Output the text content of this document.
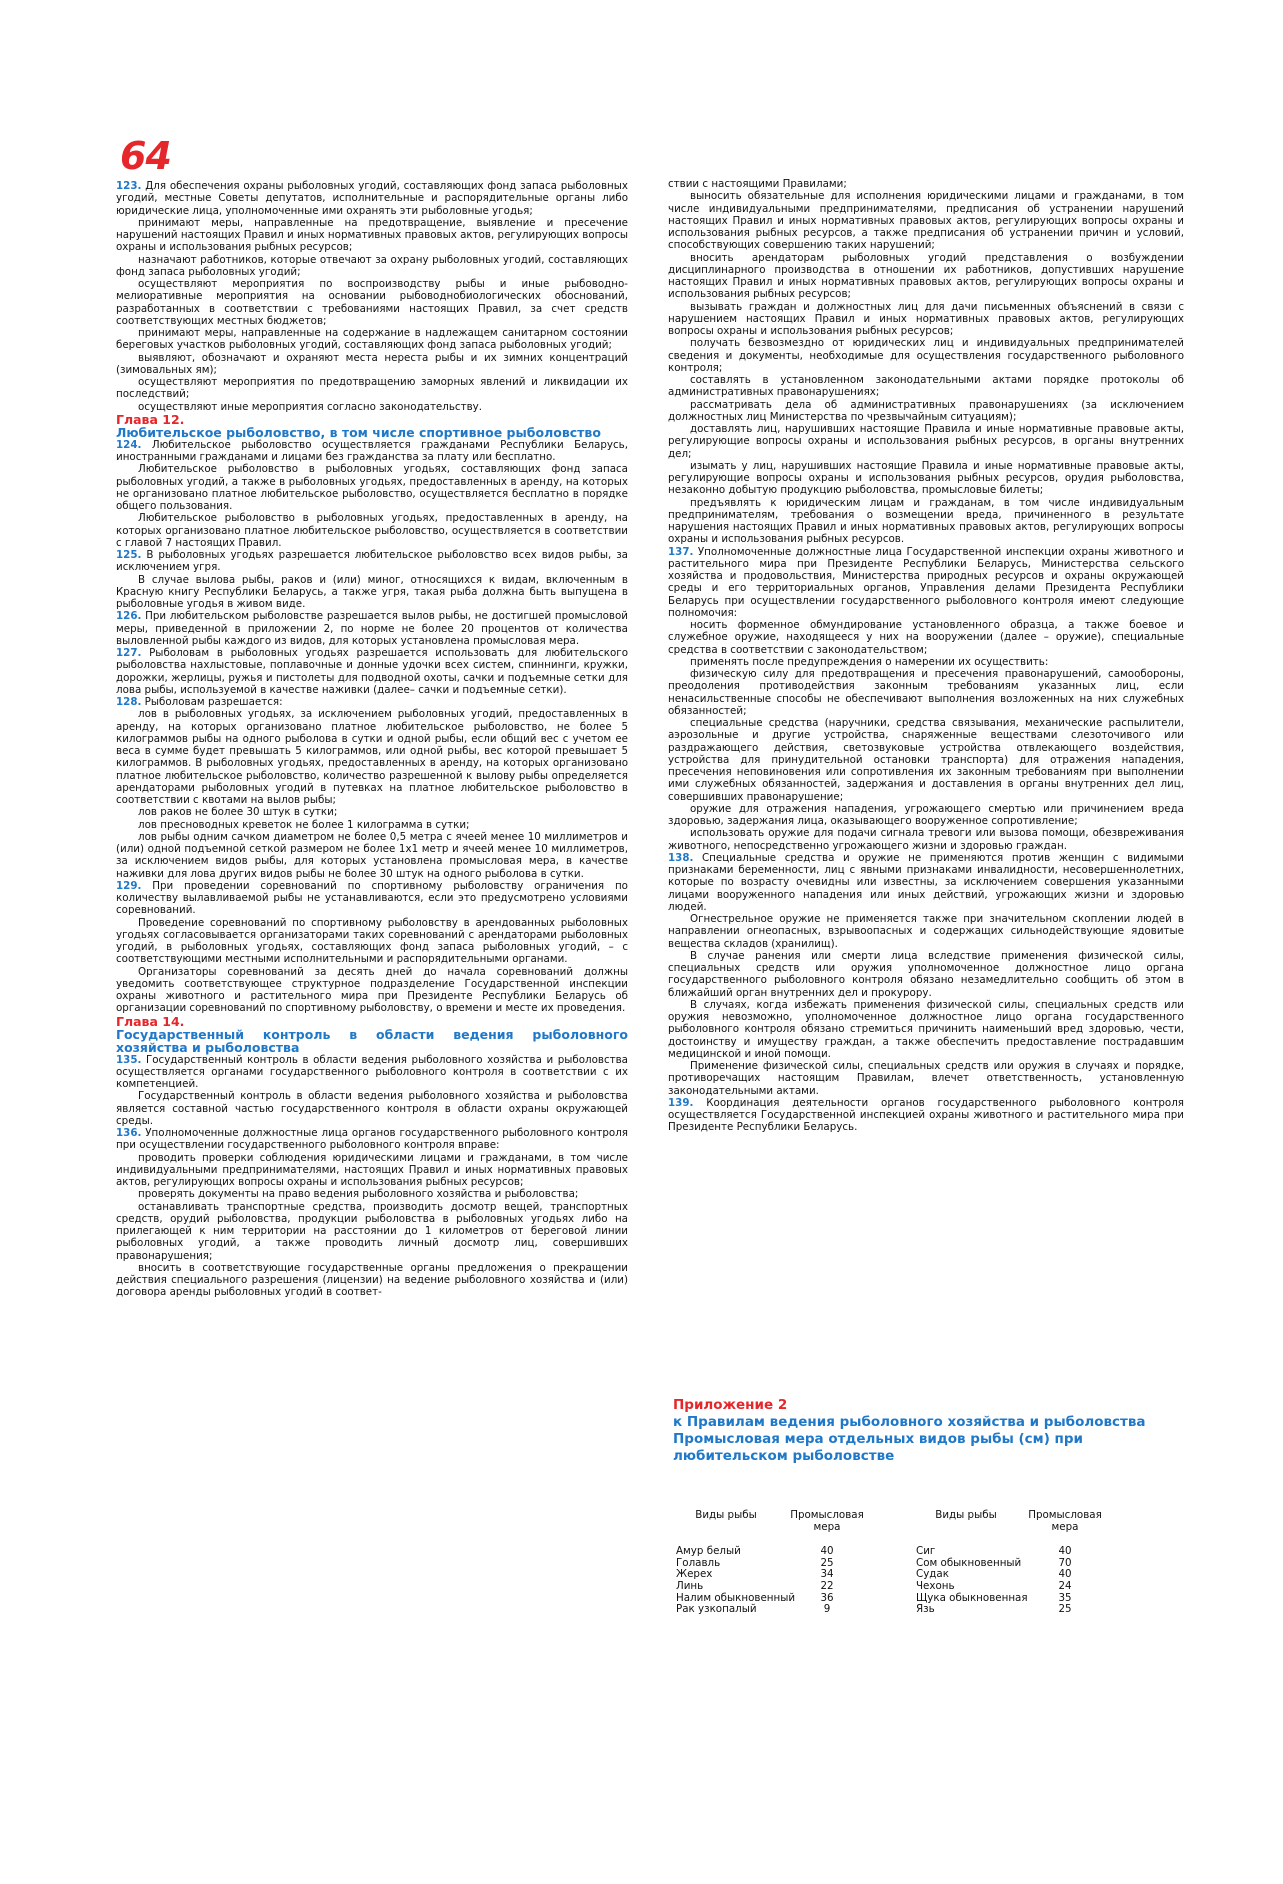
64

123. Для обеспечения охраны рыболовных угодий, составляющих фонд запаса рыболовных угодий, местные Советы депутатов, исполнительные и распорядительные органы либо юридические лица, уполномоченные ими охранять эти рыболовные угодья;

принимают меры, направленные на предотвращение, выявление и пресечение нарушений настоящих Правил и иных нормативных правовых актов, регулирующих вопросы охраны и использования рыбных ресурсов;

назначают работников, которые отвечают за охрану рыболовных угодий, составляющих фонд запаса рыболовных угодий;

осуществляют мероприятия по воспроизводству рыбы и иные рыбоводно-мелиоративные мероприятия на основании рыбоводнобиологических обоснований, разработанных в соответствии с требованиями настоящих Правил, за счет средств соответствующих местных бюджетов;

принимают меры, направленные на содержание в надлежащем санитарном состоянии береговых участков рыболовных угодий, составляющих фонд запаса рыболовных угодий;

выявляют, обозначают и охраняют места нереста рыбы и их зимних концентраций (зимовальных ям);

осуществляют мероприятия по предотвращению заморных явлений и ликвидации их последствий;

осуществляют иные мероприятия согласно законодательству.

Глава 12.
Любительское рыболовство, в том числе спортивное рыболовство

124. Любительское рыболовство осуществляется гражданами Республики Беларусь, иностранными гражданами и лицами без гражданства за плату или бесплатно.

Любительское рыболовство в рыболовных угодьях, составляющих фонд запаса рыболовных угодий, а также в рыболовных угодьях, предоставленных в аренду, на которых не организовано платное любительское рыболовство, осуществляется бесплатно в порядке общего пользования.

Любительское рыболовство в рыболовных угодьях, предоставленных в аренду, на которых организовано платное любительское рыболовство, осуществляется в соответствии с главой 7 настоящих Правил.

125. В рыболовных угодьях разрешается любительское рыболовство всех видов рыбы, за исключением угря.

В случае вылова рыбы, раков и (или) миног, относящихся к видам, включенным в Красную книгу Республики Беларусь, а также угря, такая рыба должна быть выпущена в рыболовные угодья в живом виде.

126. При любительском рыболовстве разрешается вылов рыбы, не достигшей промысловой меры, приведенной в приложении 2, по норме не более 20 процентов от количества выловленной рыбы каждого из видов, для которых установлена промысловая мера.

127. Рыболовам в рыболовных угодьях разрешается использовать для любительского рыболовства нахлыстовые, поплавочные и донные удочки всех систем, спиннинги, кружки, дорожки, жерлицы, ружья и пистолеты для подводной охоты, сачки и подъемные сетки для лова рыбы, используемой в качестве наживки (далее– сачки и подъемные сетки).

128. Рыболовам разрешается:

лов в рыболовных угодьях, за исключением рыболовных угодий, предоставленных в аренду, на которых организовано платное любительское рыболовство, не более 5 килограммов рыбы на одного рыболова в сутки и одной рыбы, если общий вес с учетом ее веса в сумме будет превышать 5 килограммов, или одной рыбы, вес которой превышает 5 килограммов. В рыболовных угодьях, предоставленных в аренду, на которых организовано платное любительское рыболовство, количество разрешенной к вылову рыбы определяется арендаторами рыболовных угодий в путевках на платное любительское рыболовство в соответствии с квотами на вылов рыбы;

лов раков не более 30 штук в сутки;

лов пресноводных креветок не более 1 килограмма в сутки;

лов рыбы одним сачком диаметром не более 0,5 метра с ячеей менее 10 миллиметров и (или) одной подъемной сеткой размером не более 1х1 метр и ячеей менее 10 миллиметров, за исключением видов рыбы, для которых установлена промысловая мера, в качестве наживки для лова других видов рыбы не более 30 штук на одного рыболова в сутки.

129. При проведении соревнований по спортивному рыболовству ограничения по количеству вылавливаемой рыбы не устанавливаются, если это предусмотрено условиями соревнований.

Проведение соревнований по спортивному рыболовству в арендованных рыболовных угодьях согласовывается организаторами таких соревнований с арендаторами рыболовных угодий, в рыболовных угодьях, составляющих фонд запаса рыболовных угодий, – с соответствующими местными исполнительными и распорядительными органами.

Организаторы соревнований за десять дней до начала соревнований должны уведомить соответствующее структурное подразделение Государственной инспекции охраны животного и растительного мира при Президенте Республики Беларусь об организации соревнований по спортивному рыболовству, о времени и месте их проведения.

Глава 14.
Государственный контроль в области ведения рыболовного хозяйства и рыболовства

135. Государственный контроль в области ведения рыболовного хозяйства и рыболовства осуществляется органами государственного рыболовного контроля в соответствии с их компетенцией.

Государственный контроль в области ведения рыболовного хозяйства и рыболовства является составной частью государственного контроля в области охраны окружающей среды.

136. Уполномоченные должностные лица органов государственного рыболовного контроля при осуществлении государственного рыболовного контроля вправе:

проводить проверки соблюдения юридическими лицами и гражданами, в том числе индивидуальными предпринимателями, настоящих Правил и иных нормативных правовых актов, регулирующих вопросы охраны и использования рыбных ресурсов;

проверять документы на право ведения рыболовного хозяйства и рыболовства;

останавливать транспортные средства, производить досмотр вещей, транспортных средств, орудий рыболовства, продукции рыболовства в рыболовных угодьях либо на прилегающей к ним территории на расстоянии до 1 километров от береговой линии рыболовных угодий, а также проводить личный досмотр лиц, совершивших правонарушения;

вносить в соответствующие государственные органы предложения о прекращении действия специального разрешения (лицензии) на ведение рыболовного хозяйства и (или) договора аренды рыболовных угодий в соответ-

ствии с настоящими Правилами;

выносить обязательные для исполнения юридическими лицами и гражданами, в том числе индивидуальными предпринимателями, предписания об устранении нарушений настоящих Правил и иных нормативных правовых актов, регулирующих вопросы охраны и использования рыбных ресурсов, а также предписания об устранении причин и условий, способствующих совершению таких нарушений;

вносить арендаторам рыболовных угодий представления о возбуждении дисциплинарного производства в отношении их работников, допустивших нарушение настоящих Правил и иных нормативных правовых актов, регулирующих вопросы охраны и использования рыбных ресурсов;

вызывать граждан и должностных лиц для дачи письменных объяснений в связи с нарушением настоящих Правил и иных нормативных правовых актов, регулирующих вопросы охраны и использования рыбных ресурсов;

получать безвозмездно от юридических лиц и индивидуальных предпринимателей сведения и документы, необходимые для осуществления государственного рыболовного контроля;

составлять в установленном законодательными актами порядке протоколы об административных правонарушениях;

рассматривать дела об административных правонарушениях (за исключением должностных лиц Министерства по чрезвычайным ситуациям);

доставлять лиц, нарушивших настоящие Правила и иные нормативные правовые акты, регулирующие вопросы охраны и использования рыбных ресурсов, в органы внутренних дел;

изымать у лиц, нарушивших настоящие Правила и иные нормативные правовые акты, регулирующие вопросы охраны и использования рыбных ресурсов, орудия рыболовства, незаконно добытую продукцию рыболовства, промысловые билеты;

предъявлять к юридическим лицам и гражданам, в том числе индивидуальным предпринимателям, требования о возмещении вреда, причиненного в результате нарушения настоящих Правил и иных нормативных правовых актов, регулирующих вопросы охраны и использования рыбных ресурсов.

137. Уполномоченные должностные лица Государственной инспекции охраны животного и растительного мира при Президенте Республики Беларусь, Министерства сельского хозяйства и продовольствия, Министерства природных ресурсов и охраны окружающей среды и его территориальных органов, Управления делами Президента Республики Беларусь при осуществлении государственного рыболовного контроля имеют следующие полномочия:

носить форменное обмундирование установленного образца, а также боевое и служебное оружие, находящееся у них на вооружении (далее – оружие), специальные средства в соответствии с законодательством;

применять после предупреждения о намерении их осуществить:

физическую силу для предотвращения и пресечения правонарушений, самообороны, преодоления противодействия законным требованиям указанных лиц, если ненасильственные способы не обеспечивают выполнения возложенных на них служебных обязанностей;

специальные средства (наручники, средства связывания, механические распылители, аэрозольные и другие устройства, снаряженные веществами слезоточивого или раздражающего действия, светозвуковые устройства отвлекающего воздействия, устройства для принудительной остановки транспорта) для отражения нападения, пресечения неповиновения или сопротивления их законным требованиям при выполнении ими служебных обязанностей, задержания и доставления в органы внутренних дел лиц, совершивших правонарушение;

оружие для отражения нападения, угрожающего смертью или причинением вреда здоровью, задержания лица, оказывающего вооруженное сопротивление;

использовать оружие для подачи сигнала тревоги или вызова помощи, обезвреживания животного, непосредственно угрожающего жизни и здоровью граждан.

138. Специальные средства и оружие не применяются против женщин с видимыми признаками беременности, лиц с явными признаками инвалидности, несовершеннолетних, которые по возрасту очевидны или известны, за исключением совершения указанными лицами вооруженного нападения или иных действий, угрожающих жизни и здоровью людей.

Огнестрельное оружие не применяется также при значительном скоплении людей в направлении огнеопасных, взрывоопасных и содержащих сильнодействующие ядовитые вещества складов (хранилищ).

В случае ранения или смерти лица вследствие применения физической силы, специальных средств или оружия уполномоченное должностное лицо органа государственного рыболовного контроля обязано незамедлительно сообщить об этом в ближайший орган внутренних дел и прокурору.

В случаях, когда избежать применения физической силы, специальных средств или оружия невозможно, уполномоченное должностное лицо органа государственного рыболовного контроля обязано стремиться причинить наименьший вред здоровью, чести, достоинству и имуществу граждан, а также обеспечить предоставление пострадавшим медицинской и иной помощи.

Применение физической силы, специальных средств или оружия в случаях и порядке, противоречащих настоящим Правилам, влечет ответственность, установленную законодательными актами.

139. Координация деятельности органов государственного рыболовного контроля осуществляется Государственной инспекцией охраны животного и растительного мира при Президенте Республики Беларусь.

Приложение 2
к Правилам ведения рыболовного хозяйства и рыболовства
Промысловая мера отдельных видов рыбы (см) при
любительском рыболовстве
Виды рыбы	Промысловая
мера
Виды рыбы	Промысловая
мера
Амур белый	40	Сиг	40
Голавль	25	Сом обыкновенный	70
Жерех	34	Судак	40
Линь	22	Чехонь	24
Налим обыкновенный	36	Щука обыкновенная	35
Рак узкопалый	9	Язь	25
